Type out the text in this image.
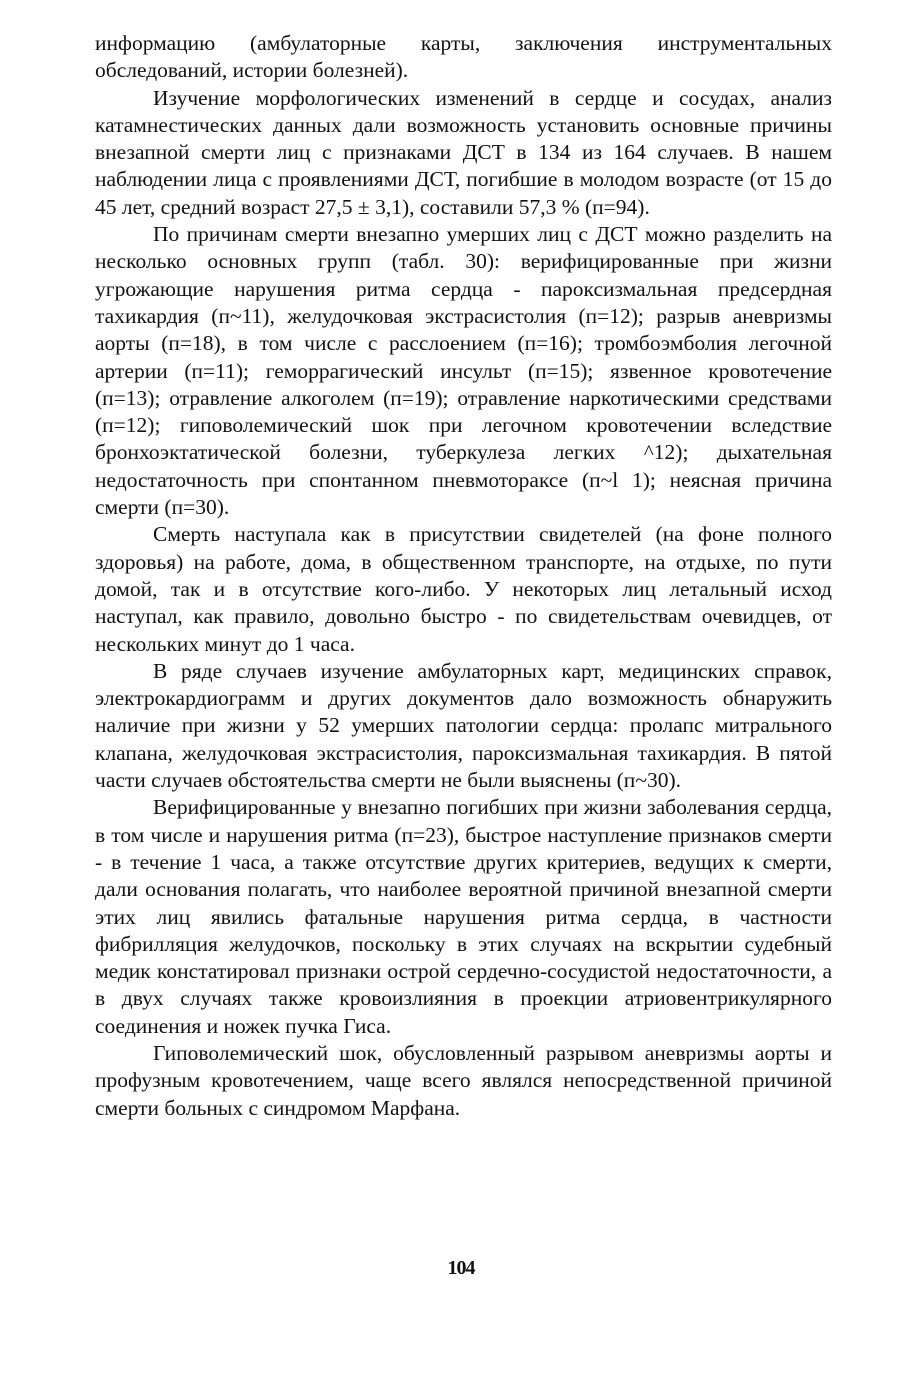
информацию (амбулаторные карты, заключения инструментальных обследований, истории болезней).

Изучение морфологических изменений в сердце и сосудах, анализ катамнестических данных дали возможность установить основные причины внезапной смерти лиц с признаками ДСТ в 134 из 164 случаев. В нашем наблюдении лица с проявлениями ДСТ, погибшие в молодом возрасте (от 15 до 45 лет, средний возраст 27,5 ± 3,1), составили 57,3 % (п=94).

По причинам смерти внезапно умерших лиц с ДСТ можно разделить на несколько основных групп (табл. 30): верифицированные при жизни угрожающие нарушения ритма сердца - пароксизмальная предсердная тахикардия (п~11), желудочковая экстрасистолия (п=12); разрыв аневризмы аорты (п=18), в том числе с расслоением (п=16); тромбоэмболия легочной артерии (п=11); геморрагический инсульт (п=15); язвенное кровотечение (п=13); отравление алкоголем (п=19); отравление наркотическими средствами (п=12); гиповолемический шок при легочном кровотечении вследствие бронхоэктатической болезни, туберкулеза легких ^12); дыхательная недостаточность при спонтанном пневмотораксе (п~l 1); неясная причина смерти (п=30).

Смерть наступала как в присутствии свидетелей (на фоне полного здоровья) на работе, дома, в общественном транспорте, на отдыхе, по пути домой, так и в отсутствие кого-либо. У некоторых лиц летальный исход наступал, как правило, довольно быстро - по свидетельствам очевидцев, от нескольких минут до 1 часа.

В ряде случаев изучение амбулаторных карт, медицинских справок, электрокардиограмм и других документов дало возможность обнаружить наличие при жизни у 52 умерших патологии сердца: пролапс митрального клапана, желудочковая экстрасистолия, пароксизмальная тахикардия. В пятой части случаев обстоятельства смерти не были выяснены (п~30).

Верифицированные у внезапно погибших при жизни заболевания сердца, в том числе и нарушения ритма (п=23), быстрое наступление признаков смерти - в течение 1 часа, а также отсутствие других критериев, ведущих к смерти, дали основания полагать, что наиболее вероятной причиной внезапной смерти этих лиц явились фатальные нарушения ритма сердца, в частности фибрилляция желудочков, поскольку в этих случаях на вскрытии судебный медик констатировал признаки острой сердечно-сосудистой недостаточности, а в двух случаях также кровоизлияния в проекции атриовентрикулярного соединения и ножек пучка Гиса.

Гиповолемический шок, обусловленный разрывом аневризмы аорты и профузным кровотечением, чаще всего являлся непосредственной причиной смерти больных с синдромом Марфана.

104
